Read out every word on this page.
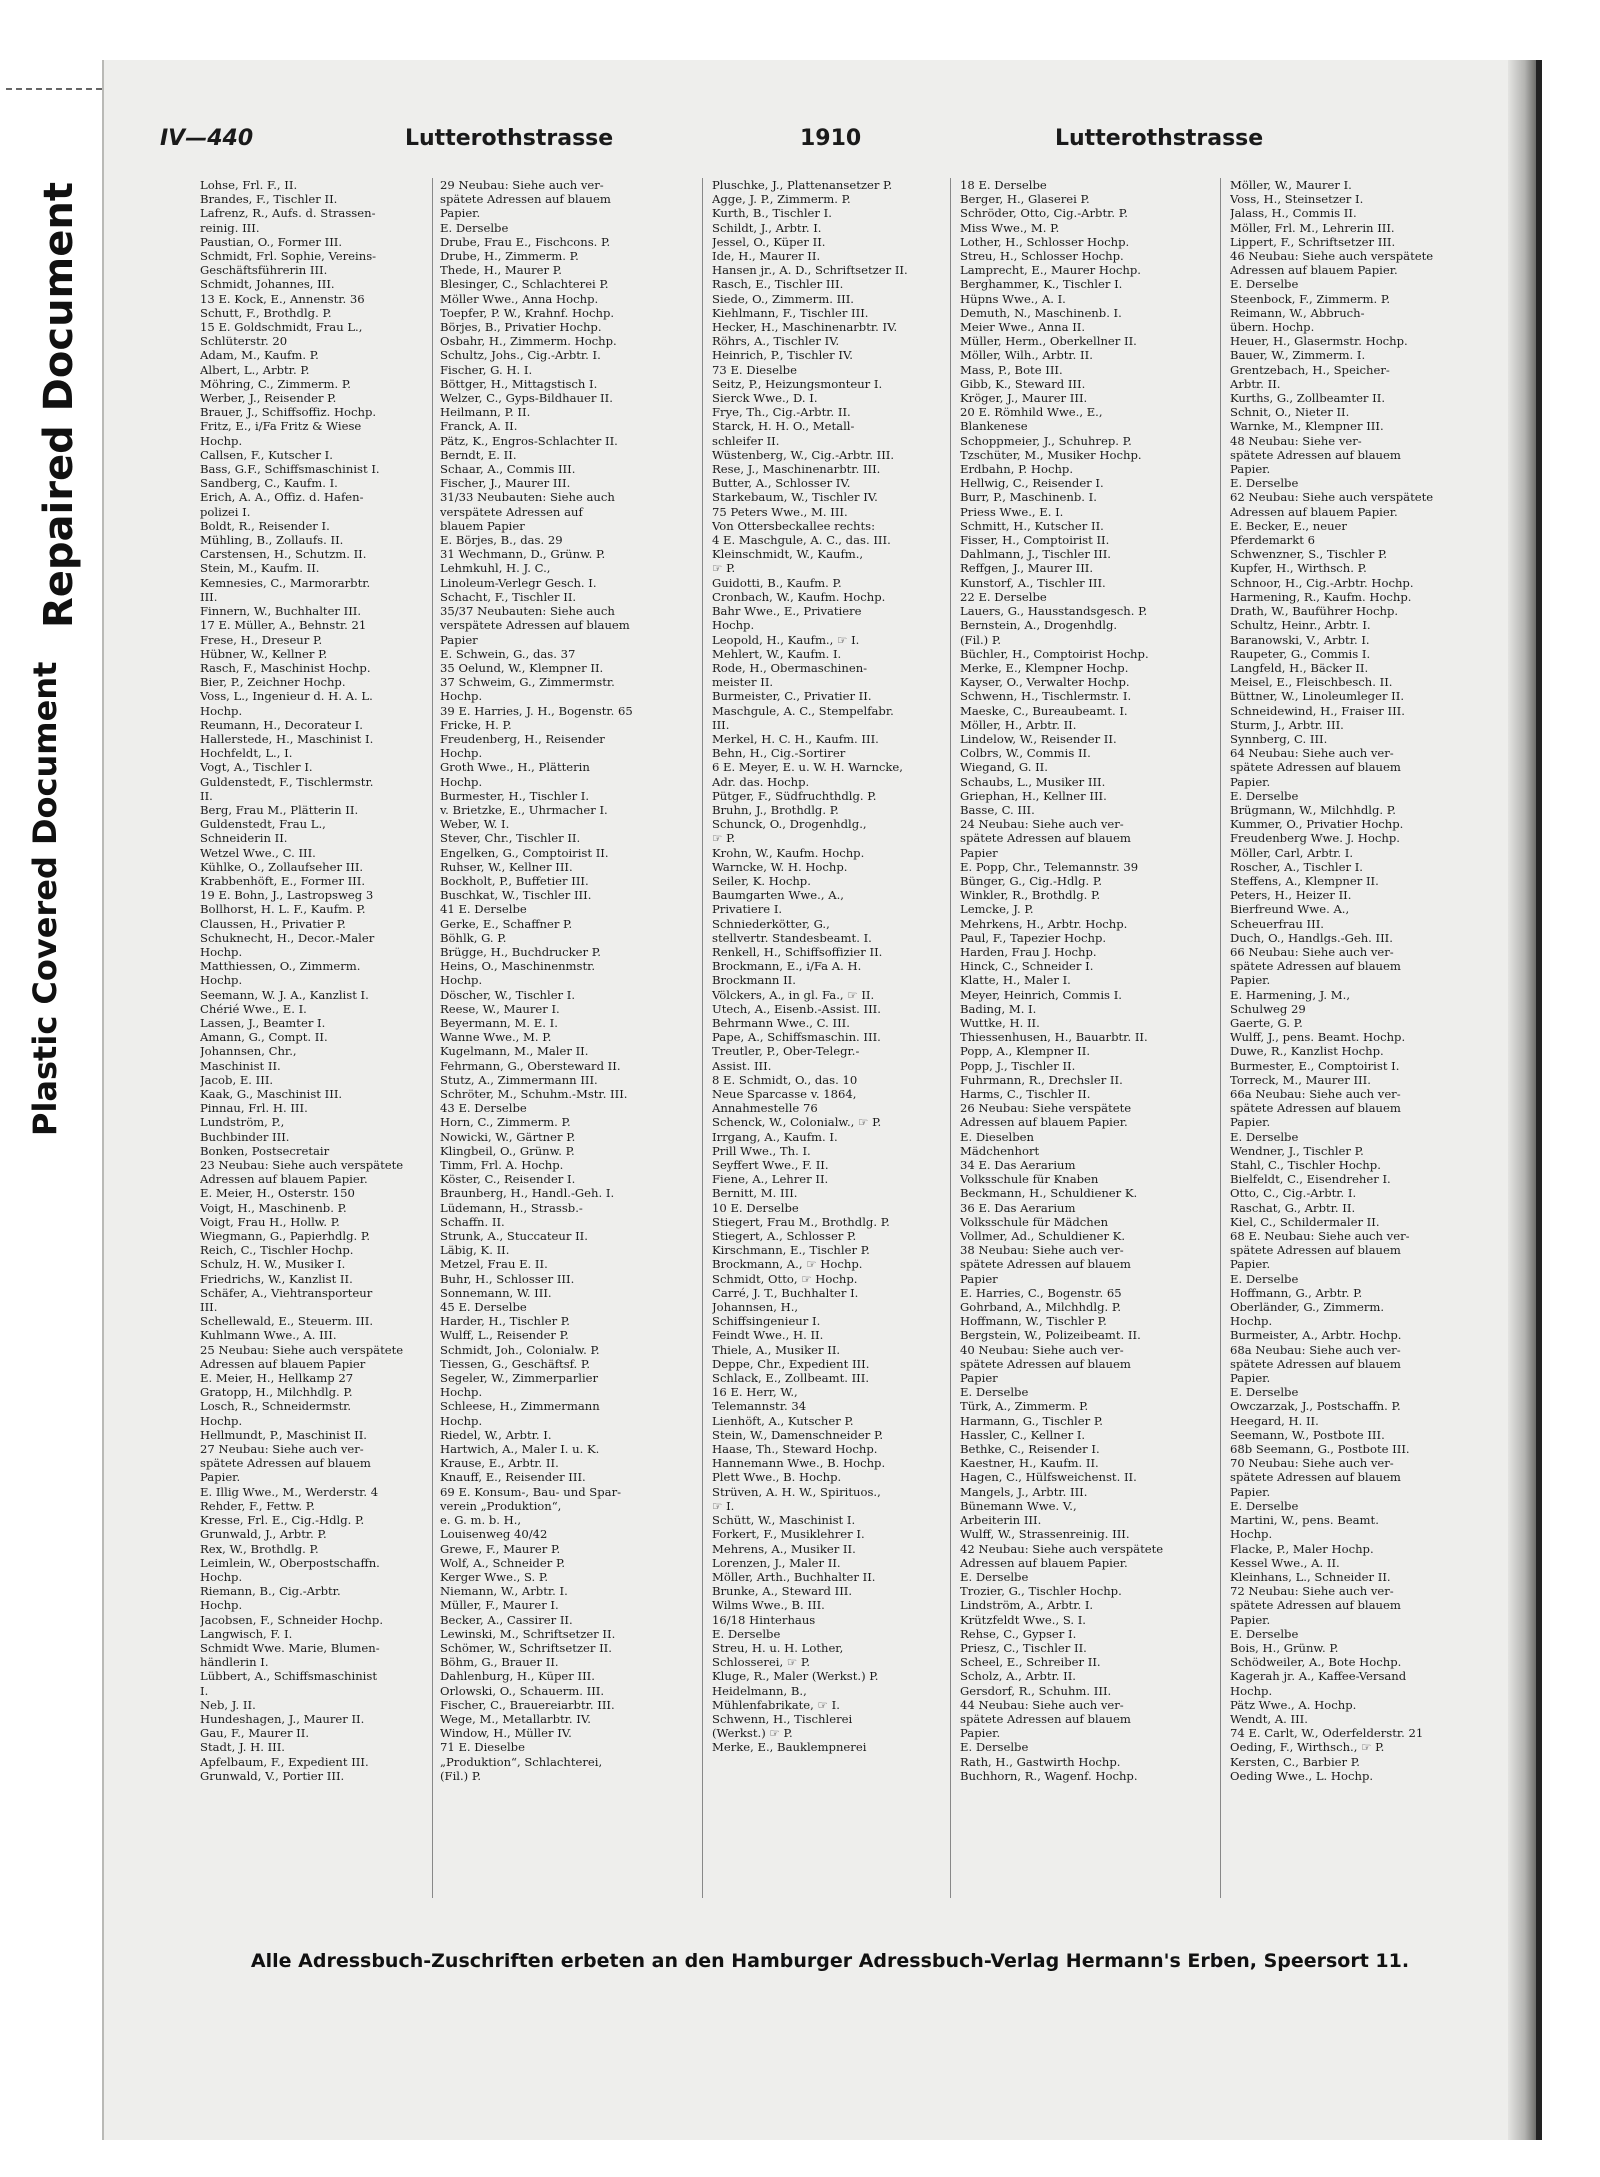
Repaired Document
Plastic Covered Document
IV—440	Lutterothstrasse	1910	Lutterothstrasse
Lohse, Frl. F., II.
Brandes, F., Tischler II.
Lafrenz, R., Aufs. d. Strassen-
reinig. III.
Paustian, O., Former III.
Schmidt, Frl. Sophie, Vereins-
Geschäftsführerin III.
Schmidt, Johannes, III.
13 E. Kock, E., Annenstr. 36
Schutt, F., Brothdlg. P.
15 E. Goldschmidt, Frau L.,
Schlüterstr. 20
Adam, M., Kaufm. P.
Albert, L., Arbtr. P.
Möhring, C., Zimmerm. P.
Werber, J., Reisender P.
Brauer, J., Schiffsoffiz. Hochp.
Fritz, E., i/Fa Fritz & Wiese
Hochp.
Callsen, F., Kutscher I.
Bass, G.F., Schiffsmaschinist I.
Sandberg, C., Kaufm. I.
Erich, A. A., Offiz. d. Hafen-
polizei I.
Boldt, R., Reisender I.
Mühling, B., Zollaufs. II.
Carstensen, H., Schutzm. II.
Stein, M., Kaufm. II.
Kemnesies, C., Marmorarbtr.
III.
Finnern, W., Buchhalter III.
17 E. Müller, A., Behnstr. 21
Frese, H., Dreseur P.
Hübner, W., Kellner P.
Rasch, F., Maschinist Hochp.
Bier, P., Zeichner Hochp.
Voss, L., Ingenieur d. H. A. L.
Hochp.
Reumann, H., Decorateur I.
Hallerstede, H., Maschinist I.
Hochfeldt, L., I.
Vogt, A., Tischler I.
Guldenstedt, F., Tischlermstr.
II.
Berg, Frau M., Plätterin II.
Guldenstedt, Frau L.,
Schneiderin II.
Wetzel Wwe., C. III.
Kühlke, O., Zollaufseher III.
Krabbenhöft, E., Former III.
19 E. Bohn, J., Lastropsweg 3
Bollhorst, H. L. F., Kaufm. P.
Claussen, H., Privatier P.
Schuknecht, H., Decor.-Maler
Hochp.
Matthiessen, O., Zimmerm.
Hochp.
Seemann, W. J. A., Kanzlist I.
Chérié Wwe., E. I.
Lassen, J., Beamter I.
Amann, G., Compt. II.
Johannsen, Chr.,
Maschinist II.
Jacob, E. III.
Kaak, G., Maschinist III.
Pinnau, Frl. H. III.
Lundström, P.,
Buchbinder III.
Bonken, Postsecretair
23 Neubau: Siehe auch verspätete
Adressen auf blauem Papier.
E. Meier, H., Osterstr. 150
Voigt, H., Maschinenb. P.
Voigt, Frau H., Hollw. P.
Wiegmann, G., Papierhdlg. P.
Reich, C., Tischler Hochp.
Schulz, H. W., Musiker I.
Friedrichs, W., Kanzlist II.
Schäfer, A., Viehtransporteur
III.
Schellewald, E., Steuerm. III.
Kuhlmann Wwe., A. III.
25 Neubau: Siehe auch verspätete
Adressen auf blauem Papier
E. Meier, H., Hellkamp 27
Gratopp, H., Milchhdlg. P.
Losch, R., Schneidermstr.
Hochp.
Hellmundt, P., Maschinist II.
27 Neubau: Siehe auch ver-
spätete Adressen auf blauem
Papier.
E. Illig Wwe., M., Werderstr. 4
Rehder, F., Fettw. P.
Kresse, Frl. E., Cig.-Hdlg. P.
Grunwald, J., Arbtr. P.
Rex, W., Brothdlg. P.
Leimlein, W., Oberpostschaffn.
Hochp.
Riemann, B., Cig.-Arbtr.
Hochp.
Jacobsen, F., Schneider Hochp.
Langwisch, F. I.
Schmidt Wwe. Marie, Blumen-
händlerin I.
Lübbert, A., Schiffsmaschinist
I.
Neb, J. II.
Hundeshagen, J., Maurer II.
Gau, F., Maurer II.
Stadt, J. H. III.
Apfelbaum, F., Expedient III.
Grunwald, V., Portier III.
29 Neubau: Siehe auch ver-
spätete Adressen auf blauem
Papier.
E. Derselbe
Drube, Frau E., Fischcons. P.
Drube, H., Zimmerm. P.
Thede, H., Maurer P.
Blesinger, C., Schlachterei P.
Möller Wwe., Anna Hochp.
Toepfer, P. W., Krahnf. Hochp.
Börjes, B., Privatier Hochp.
Osbahr, H., Zimmerm. Hochp.
Schultz, Johs., Cig.-Arbtr. I.
Fischer, G. H. I.
Böttger, H., Mittagstisch I.
Welzer, C., Gyps-Bildhauer II.
Heilmann, P. II.
Franck, A. II.
Pätz, K., Engros-Schlachter II.
Berndt, E. II.
Schaar, A., Commis III.
Fischer, J., Maurer III.
31/33 Neubauten: Siehe auch
verspätete Adressen auf
blauem Papier
E. Börjes, B., das. 29
31 Wechmann, D., Grünw. P.
Lehmkuhl, H. J. C.,
Linoleum-Verlegr Gesch. I.
Schacht, F., Tischler II.
35/37 Neubauten: Siehe auch
verspätete Adressen auf blauem
Papier
E. Schwein, G., das. 37
35 Oelund, W., Klempner II.
37 Schweim, G., Zimmermstr.
Hochp.
39 E. Harries, J. H., Bogenstr. 65
Fricke, H. P.
Freudenberg, H., Reisender
Hochp.
Groth Wwe., H., Plätterin
Hochp.
Burmester, H., Tischler I.
v. Brietzke, E., Uhrmacher I.
Weber, W. I.
Stever, Chr., Tischler II.
Engelken, G., Comptoirist II.
Ruhser, W., Kellner III.
Bockholt, P., Buffetier III.
Buschkat, W., Tischler III.
41 E. Derselbe
Gerke, E., Schaffner P.
Böhlk, G. P.
Brügge, H., Buchdrucker P.
Heins, O., Maschinenmstr.
Hochp.
Döscher, W., Tischler I.
Reese, W., Maurer I.
Beyermann, M. E. I.
Wanne Wwe., M. P.
Kugelmann, M., Maler II.
Fehrmann, G., Obersteward II.
Stutz, A., Zimmermann III.
Schröter, M., Schuhm.-Mstr. III.
43 E. Derselbe
Horn, C., Zimmerm. P.
Nowicki, W., Gärtner P.
Klingbeil, O., Grünw. P.
Timm, Frl. A. Hochp.
Köster, C., Reisender I.
Braunberg, H., Handl.-Geh. I.
Lüdemann, H., Strassb.-
Schaffn. II.
Strunk, A., Stuccateur II.
Läbig, K. II.
Metzel, Frau E. II.
Buhr, H., Schlosser III.
Sonnemann, W. III.
45 E. Derselbe
Harder, H., Tischler P.
Wulff, L., Reisender P.
Schmidt, Joh., Colonialw. P.
Tiessen, G., Geschäftsf. P.
Segeler, W., Zimmerparlier
Hochp.
Schleese, H., Zimmermann
Hochp.
Riedel, W., Arbtr. I.
Hartwich, A., Maler I. u. K.
Krause, E., Arbtr. II.
Knauff, E., Reisender III.
69 E. Konsum-, Bau- und Spar-
verein „Produktion“,
e. G. m. b. H.,
Louisenweg 40/42
Grewe, F., Maurer P.
Wolf, A., Schneider P.
Kerger Wwe., S. P.
Niemann, W., Arbtr. I.
Müller, F., Maurer I.
Becker, A., Cassirer II.
Lewinski, M., Schriftsetzer II.
Schömer, W., Schriftsetzer II.
Böhm, G., Brauer II.
Dahlenburg, H., Küper III.
Orlowski, O., Schauerm. III.
Fischer, C., Brauereiarbtr. III.
Wege, M., Metallarbtr. IV.
Window, H., Müller IV.
71 E. Dieselbe
„Produktion“, Schlachterei,
(Fil.) P.
Pluschke, J., Plattenansetzer P.
Agge, J. P., Zimmerm. P.
Kurth, B., Tischler I.
Schildt, J., Arbtr. I.
Jessel, O., Küper II.
Ide, H., Maurer II.
Hansen jr., A. D., Schriftsetzer II.
Rasch, E., Tischler III.
Siede, O., Zimmerm. III.
Kiehlmann, F., Tischler III.
Hecker, H., Maschinenarbtr. IV.
Röhrs, A., Tischler IV.
Heinrich, P., Tischler IV.
73 E. Dieselbe
Seitz, P., Heizungsmonteur I.
Sierck Wwe., D. I.
Frye, Th., Cig.-Arbtr. II.
Starck, H. H. O., Metall-
schleifer II.
Wüstenberg, W., Cig.-Arbtr. III.
Rese, J., Maschinenarbtr. III.
Butter, A., Schlosser IV.
Starkebaum, W., Tischler IV.
75 Peters Wwe., M. III.
Von Ottersbeckallee rechts:
4 E. Maschgule, A. C., das. III.
Kleinschmidt, W., Kaufm.,
☞ P.
Guidotti, B., Kaufm. P.
Cronbach, W., Kaufm. Hochp.
Bahr Wwe., E., Privatiere
Hochp.
Leopold, H., Kaufm., ☞ I.
Mehlert, W., Kaufm. I.
Rode, H., Obermaschinen-
meister II.
Burmeister, C., Privatier II.
Maschgule, A. C., Stempelfabr.
III.
Merkel, H. C. H., Kaufm. III.
Behn, H., Cig.-Sortirer
6 E. Meyer, E. u. W. H. Warncke,
Adr. das. Hochp.
Pütger, F., Südfruchthdlg. P.
Bruhn, J., Brothdlg. P.
Schunck, O., Drogenhdlg.,
☞ P.
Krohn, W., Kaufm. Hochp.
Warncke, W. H. Hochp.
Seiler, K. Hochp.
Baumgarten Wwe., A.,
Privatiere I.
Schniederkötter, G.,
stellvertr. Standesbeamt. I.
Renkell, H., Schiffsoffizier II.
Brockmann, E., i/Fa A. H.
Brockmann II.
Völckers, A., in gl. Fa., ☞ II.
Utech, A., Eisenb.-Assist. III.
Behrmann Wwe., C. III.
Pape, A., Schiffsmaschin. III.
Treutler, P., Ober-Telegr.-
Assist. III.
8 E. Schmidt, O., das. 10
Neue Sparcasse v. 1864,
Annahmestelle 76
Schenck, W., Colonialw., ☞ P.
Irrgang, A., Kaufm. I.
Prill Wwe., Th. I.
Seyffert Wwe., F. II.
Fiene, A., Lehrer II.
Bernitt, M. III.
10 E. Derselbe
Stiegert, Frau M., Brothdlg. P.
Stiegert, A., Schlosser P.
Kirschmann, E., Tischler P.
Brockmann, A., ☞ Hochp.
Schmidt, Otto, ☞ Hochp.
Carré, J. T., Buchhalter I.
Johannsen, H.,
Schiffsingenieur I.
Feindt Wwe., H. II.
Thiele, A., Musiker II.
Deppe, Chr., Expedient III.
Schlack, E., Zollbeamt. III.
16 E. Herr, W.,
Telemannstr. 34
Lienhöft, A., Kutscher P.
Stein, W., Damenschneider P.
Haase, Th., Steward Hochp.
Hannemann Wwe., B. Hochp.
Plett Wwe., B. Hochp.
Strüven, A. H. W., Spirituos.,
☞ I.
Schütt, W., Maschinist I.
Forkert, F., Musiklehrer I.
Mehrens, A., Musiker II.
Lorenzen, J., Maler II.
Möller, Arth., Buchhalter II.
Brunke, A., Steward III.
Wilms Wwe., B. III.
16/18 Hinterhaus
E. Derselbe
Streu, H. u. H. Lother,
Schlosserei, ☞ P.
Kluge, R., Maler (Werkst.) P.
Heidelmann, B.,
Mühlenfabrikate, ☞ I.
Schwenn, H., Tischlerei
(Werkst.) ☞ P.
Merke, E., Bauklempnerei
18 E. Derselbe
Berger, H., Glaserei P.
Schröder, Otto, Cig.-Arbtr. P.
Miss Wwe., M. P.
Lother, H., Schlosser Hochp.
Streu, H., Schlosser Hochp.
Lamprecht, E., Maurer Hochp.
Berghammer, K., Tischler I.
Hüpns Wwe., A. I.
Demuth, N., Maschinenb. I.
Meier Wwe., Anna II.
Müller, Herm., Oberkellner II.
Möller, Wilh., Arbtr. II.
Mass, P., Bote III.
Gibb, K., Steward III.
Kröger, J., Maurer III.
20 E. Römhild Wwe., E.,
Blankenese
Schoppmeier, J., Schuhrep. P.
Tzschüter, M., Musiker Hochp.
Erdbahn, P. Hochp.
Hellwig, C., Reisender I.
Burr, P., Maschinenb. I.
Priess Wwe., E. I.
Schmitt, H., Kutscher II.
Fisser, H., Comptoirist II.
Dahlmann, J., Tischler III.
Reffgen, J., Maurer III.
Kunstorf, A., Tischler III.
22 E. Derselbe
Lauers, G., Hausstandsgesch. P.
Bernstein, A., Drogenhdlg.
(Fil.) P.
Büchler, H., Comptoirist Hochp.
Merke, E., Klempner Hochp.
Kayser, O., Verwalter Hochp.
Schwenn, H., Tischlermstr. I.
Maeske, C., Bureaubeamt. I.
Möller, H., Arbtr. II.
Lindelow, W., Reisender II.
Colbrs, W., Commis II.
Wiegand, G. II.
Schaubs, L., Musiker III.
Griephan, H., Kellner III.
Basse, C. III.
24 Neubau: Siehe auch ver-
spätete Adressen auf blauem
Papier
E. Popp, Chr., Telemannstr. 39
Bünger, G., Cig.-Hdlg. P.
Winkler, R., Brothdlg. P.
Lemcke, J. P.
Mehrkens, H., Arbtr. Hochp.
Paul, F., Tapezier Hochp.
Harden, Frau J. Hochp.
Hinck, C., Schneider I.
Klatte, H., Maler I.
Meyer, Heinrich, Commis I.
Bading, M. I.
Wuttke, H. II.
Thiessenhusen, H., Bauarbtr. II.
Popp, A., Klempner II.
Popp, J., Tischler II.
Fuhrmann, R., Drechsler II.
Harms, C., Tischler II.
26 Neubau: Siehe verspätete
Adressen auf blauem Papier.
E. Dieselben
Mädchenhort
34 E. Das Aerarium
Volksschule für Knaben
Beckmann, H., Schuldiener K.
36 E. Das Aerarium
Volksschule für Mädchen
Vollmer, Ad., Schuldiener K.
38 Neubau: Siehe auch ver-
spätete Adressen auf blauem
Papier
E. Harries, C., Bogenstr. 65
Gohrband, A., Milchhdlg. P.
Hoffmann, W., Tischler P.
Bergstein, W., Polizeibeamt. II.
40 Neubau: Siehe auch ver-
spätete Adressen auf blauem
Papier
E. Derselbe
Türk, A., Zimmerm. P.
Harmann, G., Tischler P.
Hassler, C., Kellner I.
Bethke, C., Reisender I.
Kaestner, H., Kaufm. II.
Hagen, C., Hülfsweichenst. II.
Mangels, J., Arbtr. III.
Bünemann Wwe. V.,
Arbeiterin III.
Wulff, W., Strassenreinig. III.
42 Neubau: Siehe auch verspätete
Adressen auf blauem Papier.
E. Derselbe
Trozier, G., Tischler Hochp.
Lindström, A., Arbtr. I.
Krützfeldt Wwe., S. I.
Rehse, C., Gypser I.
Priesz, C., Tischler II.
Scheel, E., Schreiber II.
Scholz, A., Arbtr. II.
Gersdorf, R., Schuhm. III.
44 Neubau: Siehe auch ver-
spätete Adressen auf blauem
Papier.
E. Derselbe
Rath, H., Gastwirth Hochp.
Buchhorn, R., Wagenf. Hochp.
Möller, W., Maurer I.
Voss, H., Steinsetzer I.
Jalass, H., Commis II.
Möller, Frl. M., Lehrerin III.
Lippert, F., Schriftsetzer III.
46 Neubau: Siehe auch verspätete
Adressen auf blauem Papier.
E. Derselbe
Steenbock, F., Zimmerm. P.
Reimann, W., Abbruch-
übern. Hochp.
Heuer, H., Glasermstr. Hochp.
Bauer, W., Zimmerm. I.
Grentzebach, H., Speicher-
Arbtr. II.
Kurths, G., Zollbeamter II.
Schnit, O., Nieter II.
Warnke, M., Klempner III.
48 Neubau: Siehe ver-
spätete Adressen auf blauem
Papier.
E. Derselbe
62 Neubau: Siehe auch verspätete
Adressen auf blauem Papier.
E. Becker, E., neuer
Pferdemarkt 6
Schwenzner, S., Tischler P.
Kupfer, H., Wirthsch. P.
Schnoor, H., Cig.-Arbtr. Hochp.
Harmening, R., Kaufm. Hochp.
Drath, W., Bauführer Hochp.
Schultz, Heinr., Arbtr. I.
Baranowski, V., Arbtr. I.
Raupeter, G., Commis I.
Langfeld, H., Bäcker II.
Meisel, E., Fleischbesch. II.
Büttner, W., Linoleumleger II.
Schneidewind, H., Fraiser III.
Sturm, J., Arbtr. III.
Synnberg, C. III.
64 Neubau: Siehe auch ver-
spätete Adressen auf blauem
Papier.
E. Derselbe
Brügmann, W., Milchhdlg. P.
Kummer, O., Privatier Hochp.
Freudenberg Wwe. J. Hochp.
Möller, Carl, Arbtr. I.
Roscher, A., Tischler I.
Steffens, A., Klempner II.
Peters, H., Heizer II.
Bierfreund Wwe. A.,
Scheuerfrau III.
Duch, O., Handlgs.-Geh. III.
66 Neubau: Siehe auch ver-
spätete Adressen auf blauem
Papier.
E. Harmening, J. M.,
Schulweg 29
Gaerte, G. P.
Wulff, J., pens. Beamt. Hochp.
Duwe, R., Kanzlist Hochp.
Burmester, E., Comptoirist I.
Torreck, M., Maurer III.
66a Neubau: Siehe auch ver-
spätete Adressen auf blauem
Papier.
E. Derselbe
Wendner, J., Tischler P.
Stahl, C., Tischler Hochp.
Bielfeldt, C., Eisendreher I.
Otto, C., Cig.-Arbtr. I.
Raschat, G., Arbtr. II.
Kiel, C., Schildermaler II.
68 E. Neubau: Siehe auch ver-
spätete Adressen auf blauem
Papier.
E. Derselbe
Hoffmann, G., Arbtr. P.
Oberländer, G., Zimmerm.
Hochp.
Burmeister, A., Arbtr. Hochp.
68a Neubau: Siehe auch ver-
spätete Adressen auf blauem
Papier.
E. Derselbe
Owczarzak, J., Postschaffn. P.
Heegard, H. II.
Seemann, W., Postbote III.
68b Seemann, G., Postbote III.
70 Neubau: Siehe auch ver-
spätete Adressen auf blauem
Papier.
E. Derselbe
Martini, W., pens. Beamt.
Hochp.
Flacke, P., Maler Hochp.
Kessel Wwe., A. II.
Kleinhans, L., Schneider II.
72 Neubau: Siehe auch ver-
spätete Adressen auf blauem
Papier.
E. Derselbe
Bois, H., Grünw. P.
Schödweiler, A., Bote Hochp.
Kagerah jr. A., Kaffee-Versand
Hochp.
Pätz Wwe., A. Hochp.
Wendt, A. III.
74 E. Carlt, W., Oderfelderstr. 21
Oeding, F., Wirthsch., ☞ P.
Kersten, C., Barbier P.
Oeding Wwe., L. Hochp.
Alle Adressbuch-Zuschriften erbeten an den Hamburger Adressbuch-Verlag Hermann's Erben, Speersort 11.
